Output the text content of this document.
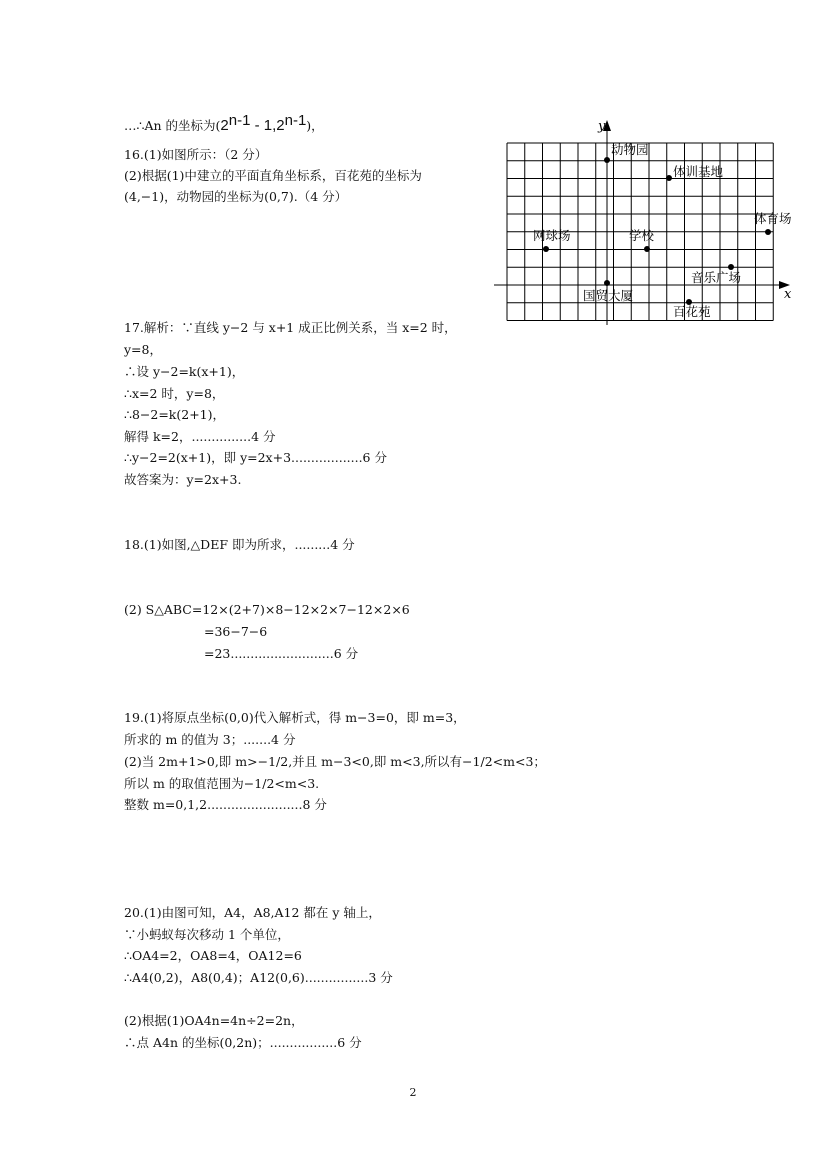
…∴An 的坐标为(2$^{n-1}$ - 1,2$^{n-1}$)，
16.(1)如图所示：（2 分）
(2)根据(1)中建立的平面直角坐标系，百花苑的坐标为
(4,−1)，动物园的坐标为(0,7).（4 分）
17.解析：∵直线 y−2 与 x+1 成正比例关系，当 x=2 时，
y=8，
∴设 y−2=k(x+1)，
∴x=2 时，y=8，
∴8−2=k(2+1)，
解得 k=2，...............4 分
∴y−2=2(x+1)，即 y=2x+3..................6 分
故答案为：y=2x+3.
18.(1)如图,△DEF 即为所求，.........4 分
(2) S△ABC=12×(2+7)×8−12×2×7−12×2×6
=36−7−6
=23..........................6 分
19.(1)将原点坐标(0,0)代入解析式，得 m−3=0，即 m=3，
所求的 m 的值为 3；.......4 分
(2)当 2m+1>0,即 m>−1/2,并且 m−3<0,即 m<3,所以有−1/2<m<3；
所以 m 的取值范围为−1/2<m<3.
整数 m=0,1,2........................8 分
20.(1)由图可知，A4，A8,A12 都在 y 轴上，
∵小蚂蚁每次移动 1 个单位，
∴OA4=2，OA8=4，OA12=6
∴A4(0,2)，A8(0,4)；A12(0,6)................3 分
(2)根据(1)OA4n=4n÷2=2n，
∴点 A4n 的坐标(0,2n)；.................6 分
x
y
动物园
体训基地
体育场
网球场	学校
音乐广场
国贸大厦
百花苑
2
